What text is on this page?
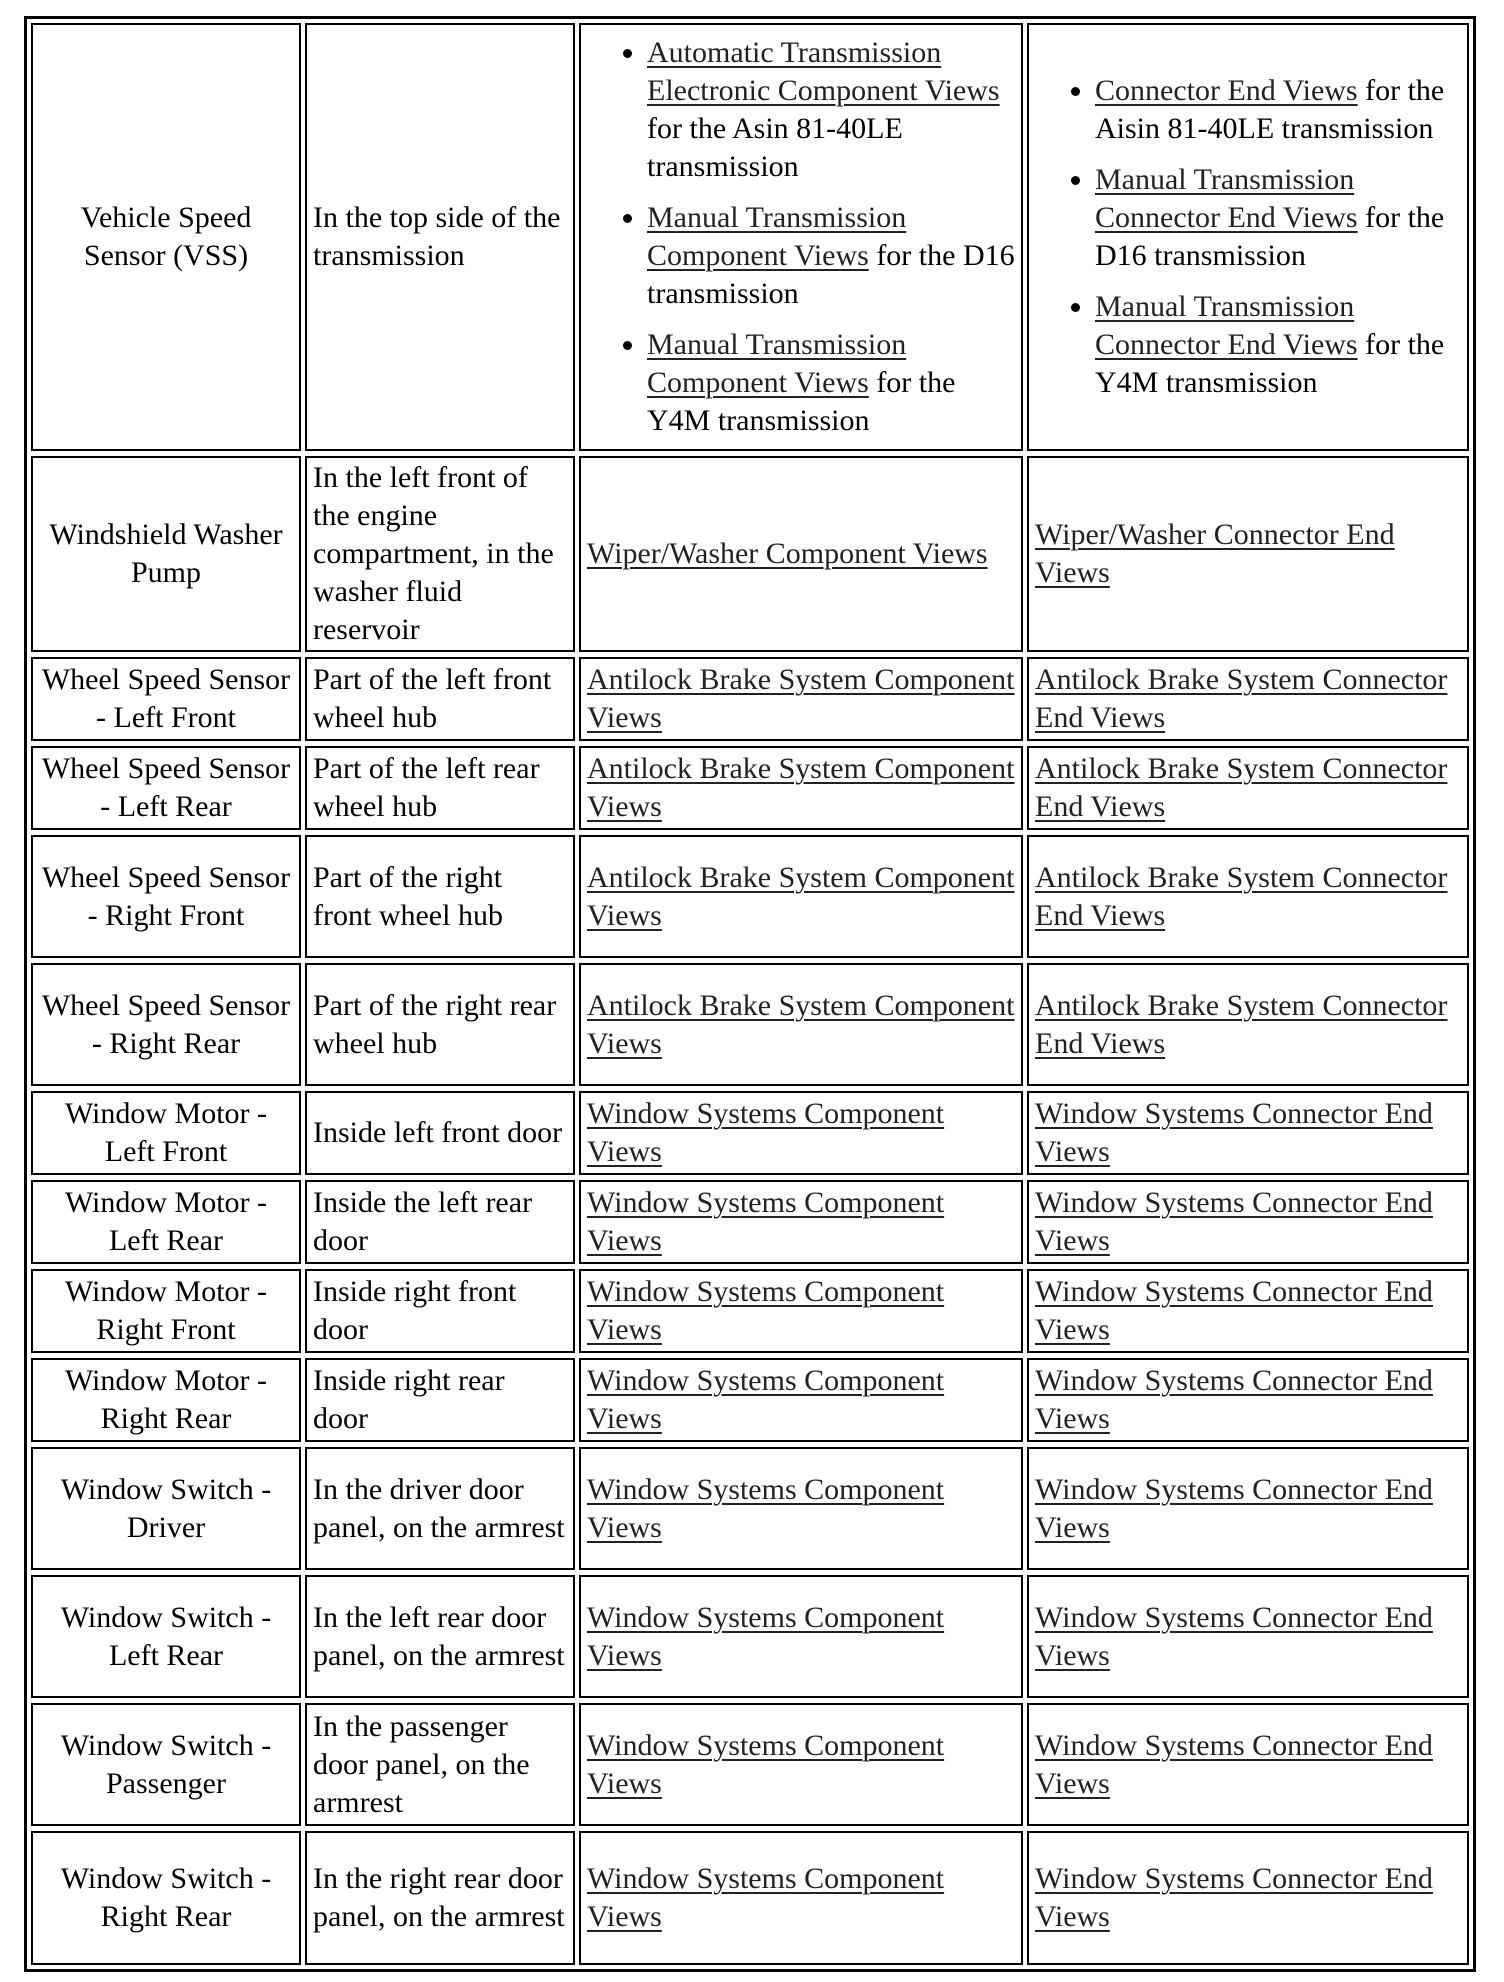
Vehicle Speed Sensor (VSS)
In the top side of the transmission
• Automatic Transmission Electronic Component Views for the Asin 81-40LE transmission
• Manual Transmission Component Views for the D16 transmission
• Manual Transmission Component Views for the Y4M transmission
• Connector End Views for the Aisin 81-40LE transmission
• Manual Transmission Connector End Views for the D16 transmission
• Manual Transmission Connector End Views for the Y4M transmission
Windshield Washer Pump
In the left front of the engine compartment, in the washer fluid reservoir
Wiper/Washer Component Views
Wiper/Washer Connector End Views
Wheel Speed Sensor - Left Front
Part of the left front wheel hub
Antilock Brake System Component Views
Antilock Brake System Connector End Views
Wheel Speed Sensor - Left Rear
Part of the left rear wheel hub
Antilock Brake System Component Views
Antilock Brake System Connector End Views
Wheel Speed Sensor - Right Front
Part of the right front wheel hub
Antilock Brake System Component Views
Antilock Brake System Connector End Views
Wheel Speed Sensor - Right Rear
Part of the right rear wheel hub
Antilock Brake System Component Views
Antilock Brake System Connector End Views
Window Motor - Left Front
Inside left front door
Window Systems Component Views
Window Systems Connector End Views
Window Motor - Left Rear
Inside the left rear door
Window Systems Component Views
Window Systems Connector End Views
Window Motor - Right Front
Inside right front door
Window Systems Component Views
Window Systems Connector End Views
Window Motor - Right Rear
Inside right rear door
Window Systems Component Views
Window Systems Connector End Views
Window Switch - Driver
In the driver door panel, on the armrest
Window Systems Component Views
Window Systems Connector End Views
Window Switch - Left Rear
In the left rear door panel, on the armrest
Window Systems Component Views
Window Systems Connector End Views
Window Switch - Passenger
In the passenger door panel, on the armrest
Window Systems Component Views
Window Systems Connector End Views
Window Switch - Right Rear
In the right rear door panel, on the armrest
Window Systems Component Views
Window Systems Connector End Views
